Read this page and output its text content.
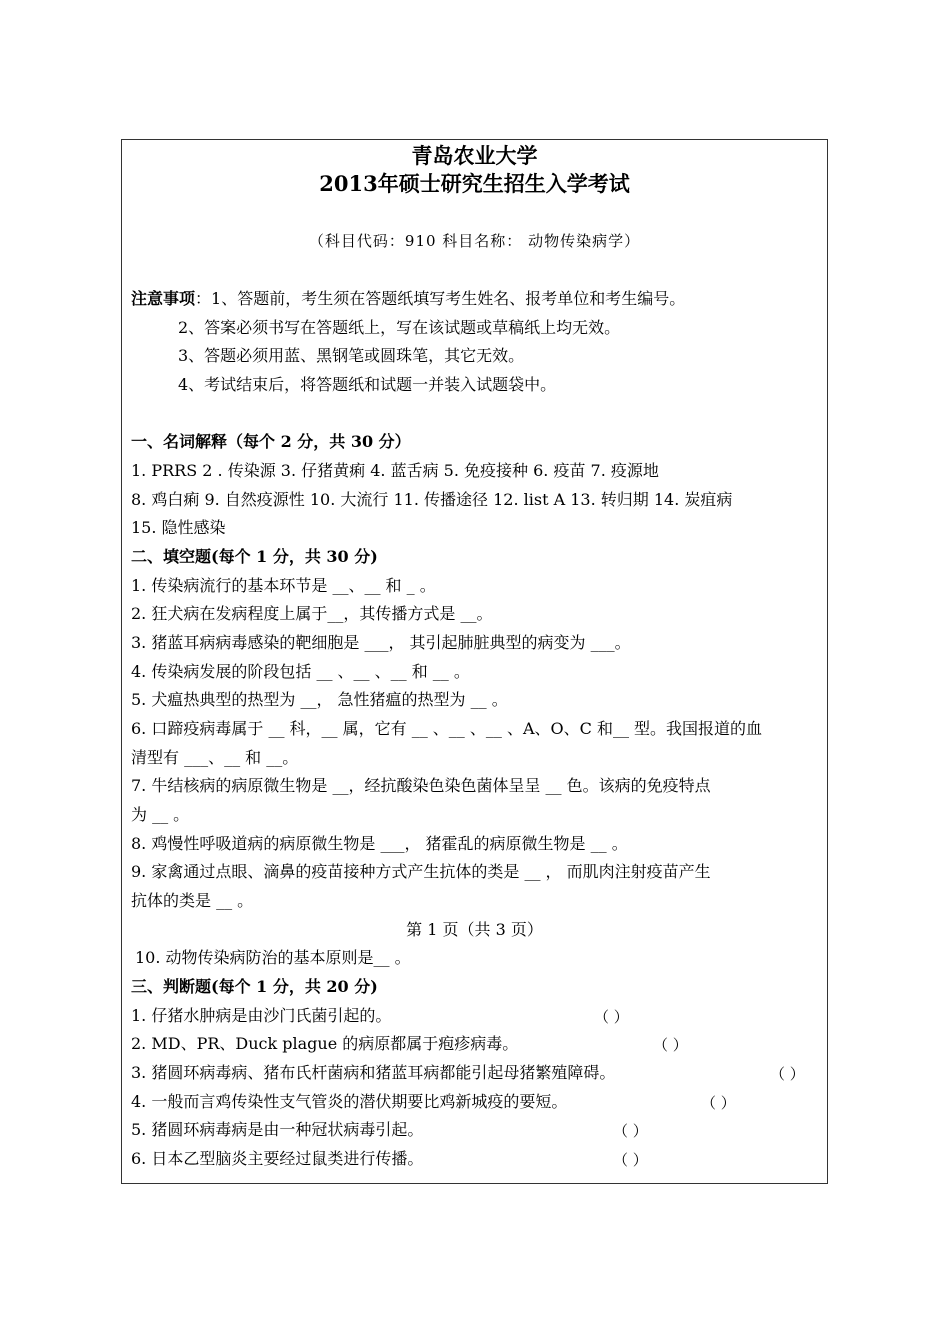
青岛农业大学
2013年硕士研究生招生入学考试
（科目代码：910 科目名称： 动物传染病学）
注意事项：1、答题前，考生须在答题纸填写考生姓名、报考单位和考生编号。
2、答案必须书写在答题纸上，写在该试题或草稿纸上均无效。
3、答题必须用蓝、黑钢笔或圆珠笔，其它无效。
4、考试结束后，将答题纸和试题一并装入试题袋中。
一、名词解释（每个 2 分，共 30 分）
1. PRRS 2 . 传染源 3. 仔猪黄痢 4. 蓝舌病 5. 免疫接种 6. 疫苗 7. 疫源地
8. 鸡白痢 9. 自然疫源性 10. 大流行 11. 传播途径 12. list A 13. 转归期 14. 炭疽病
15. 隐性感染
二、填空题(每个 1 分，共 30 分)
1. 传染病流行的基本环节是 __、__ 和 _ 。
2. 狂犬病在发病程度上属于__，其传播方式是 __。
3. 猪蓝耳病病毒感染的靶细胞是 ___， 其引起肺脏典型的病变为 ___。
4. 传染病发展的阶段包括 __ 、__ 、__ 和 __ 。
5. 犬瘟热典型的热型为 __， 急性猪瘟的热型为 __ 。
6. 口蹄疫病毒属于 __ 科，__ 属，它有 __ 、__ 、__ 、A、O、C 和__ 型。我国报道的血
清型有 ___、__ 和 __。
7. 牛结核病的病原微生物是 __，经抗酸染色染色菌体呈呈 __ 色。该病的免疫特点
为 __ 。
8. 鸡慢性呼吸道病的病原微生物是 ___， 猪霍乱的病原微生物是 __ 。
9. 家禽通过点眼、滴鼻的疫苗接种方式产生抗体的类是 __ ， 而肌肉注射疫苗产生
抗体的类是 __ 。
第 1 页（共 3 页）
10. 动物传染病防治的基本原则是__ 。
三、判断题(每个 1 分，共 20 分)
1. 仔猪水肿病是由沙门氏菌引起的。	（ ）
2. MD、PR、Duck plague 的病原都属于疱疹病毒。	（ ）
3. 猪圆环病毒病、猪布氏杆菌病和猪蓝耳病都能引起母猪繁殖障碍。	（ ）
4. 一般而言鸡传染性支气管炎的潜伏期要比鸡新城疫的要短。	（ ）
5. 猪圆环病毒病是由一种冠状病毒引起。	（ ）
6. 日本乙型脑炎主要经过鼠类进行传播。	（ ）
